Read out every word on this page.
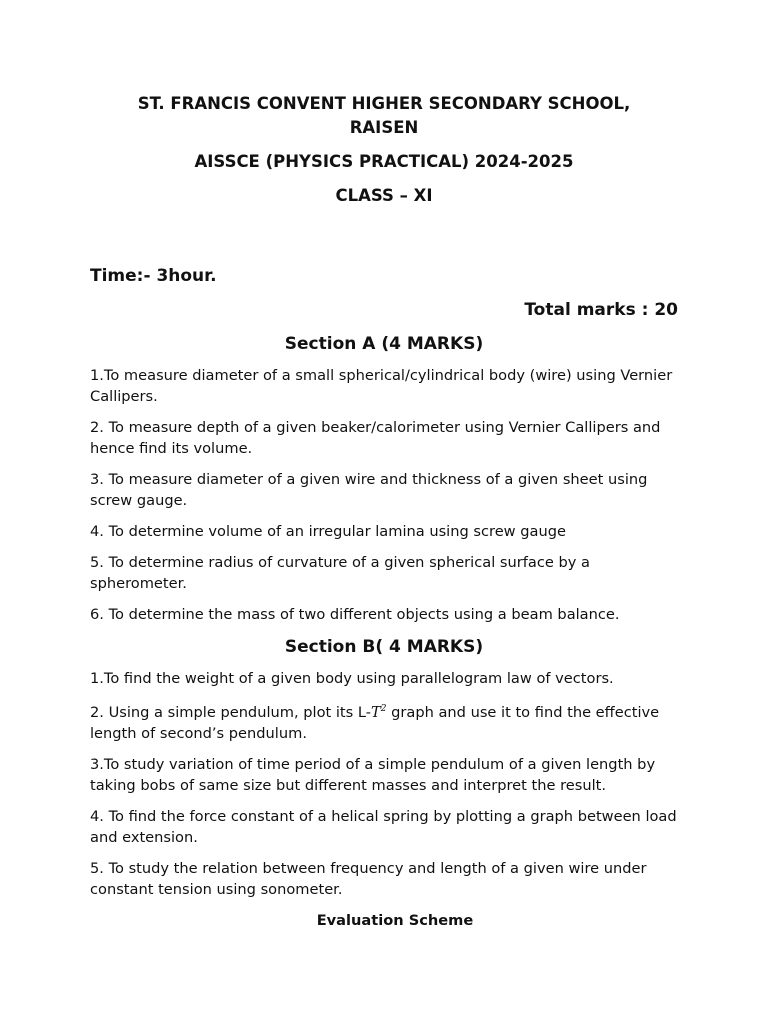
ST. FRANCIS CONVENT HIGHER SECONDARY SCHOOL, RAISEN
AISSCE (PHYSICS PRACTICAL) 2024-2025
CLASS – XI
Time:- 3hour.
Total marks : 20
Section A (4 MARKS)

1.To measure diameter of a small spherical/cylindrical body (wire) using Vernier Callipers.

2. To measure depth of a given beaker/calorimeter using Vernier Callipers and hence find its volume.

3. To measure diameter of a given wire and thickness of a given sheet using screw gauge.

4. To determine volume of an irregular lamina using screw gauge

5. To determine radius of curvature of a given spherical surface by a spherometer.

6. To determine the mass of two different objects using a beam balance.

Section B( 4 MARKS)

1.To find the weight of a given body using parallelogram law of vectors.

2. Using a simple pendulum, plot its $L-T^2$ graph and use it to find the effective length of second’s pendulum.

3.To study variation of time period of a simple pendulum of a given length by taking bobs of same size but different masses and interpret the result.

4. To find the force constant of a helical spring by plotting a graph between load and extension.

5. To study the relation between frequency and length of a given wire under constant tension using sonometer.

Evaluation Scheme
